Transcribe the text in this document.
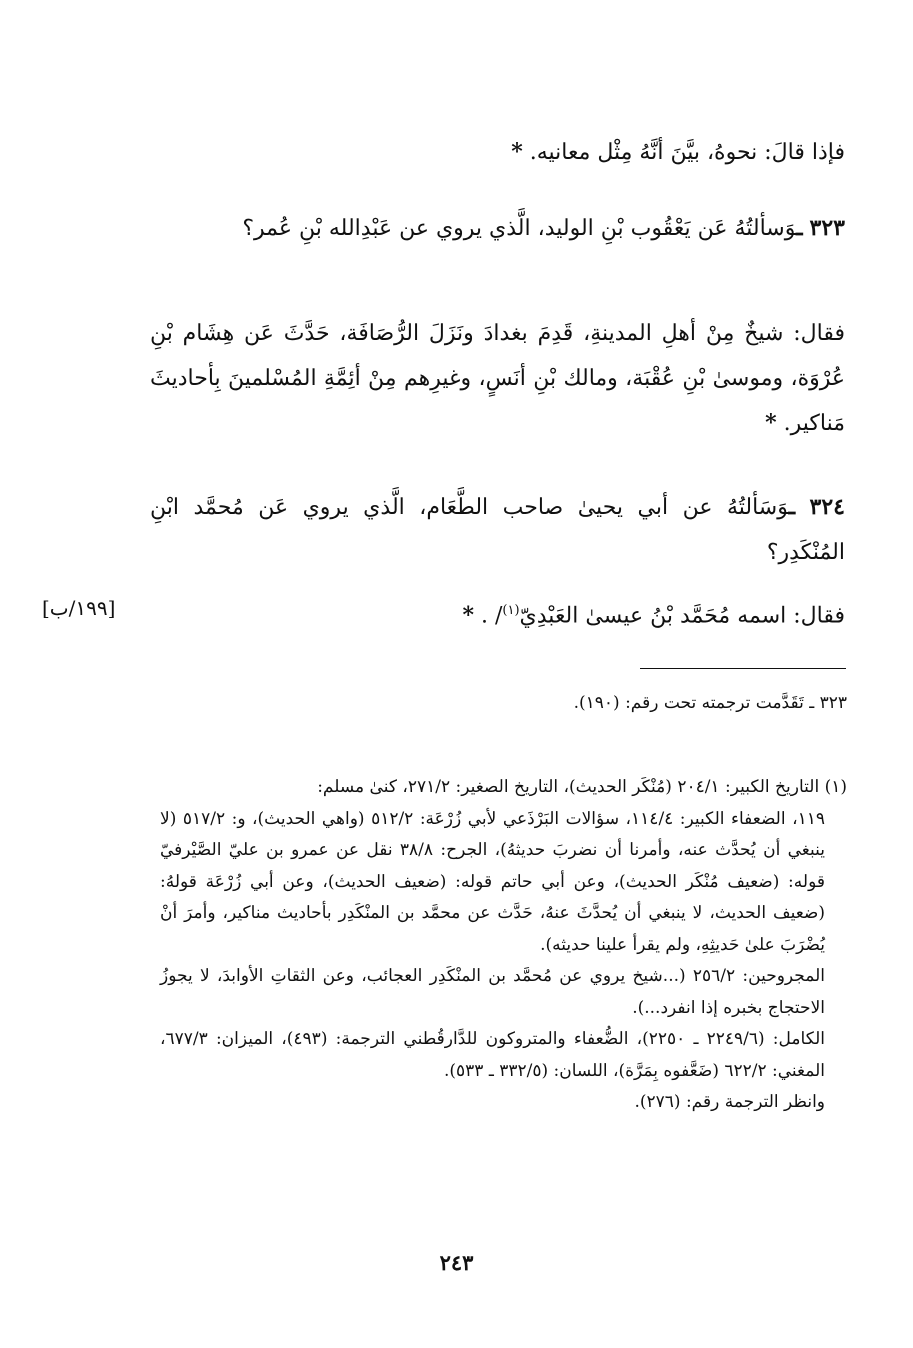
فإذا قالَ: نحوهُ، بيَّنَ أنَّهُ مِثْل معانيه. *
٣٢٣ ـوَسألتُهُ عَن يَعْقُوب بْنِ الوليد، الَّذي يروي عن عَبْدِالله بْنِ عُمر؟
فقال: شيخٌ مِنْ أهلِ المدينةِ، قَدِمَ بغدادَ ونَزَلَ الرُّصَافَة، حَدَّثَ عَن هِشَام بْنِ عُرْوَة، وموسىٰ بْنِ عُقْبَة، ومالك بْنِ أنَسٍ، وغيرِهم مِنْ أئِمَّةِ المُسْلمينَ بِأحاديثَ مَناكير. *
٣٢٤ ـوَسَألتُهُ عن أبي يحيىٰ صاحب الطَّعَام، الَّذي يروي عَن مُحمَّد ابْنِ المُنْكَدِر؟
فقال: اسمه مُحَمَّد بْنُ عيسىٰ العَبْدِيّ$^{(١)}$/ . *
[١٩٩/ب]
٣٢٣ ـ تَقَدَّمت ترجمته تحت رقم: (١٩٠).
(١) التاريخ الكبير: ٢٠٤/١ (مُنْكَر الحديث)، التاريخ الصغير: ٢٧١/٢، كنىٰ مسلم:
١١٩، الضعفاء الكبير: ١١٤/٤، سؤالات البَرْذَعي لأبي زُرْعَة: ٥١٢/٢ (واهي الحديث)، و: ٥١٧/٢ (لا ينبغي أن يُحدَّث عنه، وأمرنا أن نضربَ حديثهُ)، الجرح: ٣٨/٨ نقل عن عمرو بن عليّ الصَّيْرفيّ قوله: (ضعيف مُنْكَر الحديث)، وعن أبي حاتم قوله: (ضعيف الحديث)، وعن أبي زُرْعَة قولهُ: (ضعيف الحديث، لا ينبغي أن يُحدَّثَ عنهُ، حَدَّث عن محمَّد بن المنْكَدِر بأحاديث مناكير، وأمرَ أنْ يُضْرَبَ علىٰ حَديثِهِ، ولم يقرأ علينا حديثه).
المجروحين: ٢٥٦/٢ (...شيخ يروي عن مُحمَّد بن المنْكَدِر العجائب، وعن الثقاتِ الأوابدَ، لا يجوزُ الاحتجاج بخبره إذا انفرد...).
الكامل: (٢٢٤٩/٦ ـ ٢٢٥٠)، الضُّعفاء والمتروكون للدَّارقُطني الترجمة: (٤٩٣)، الميزان: ٦٧٧/٣، المغني: ٦٢٢/٢ (ضَعَّفوه بِمَرَّة)، اللسان: (٣٣٢/٥ ـ ٥٣٣).
وانظر الترجمة رقم: (٢٧٦).
٢٤٣
